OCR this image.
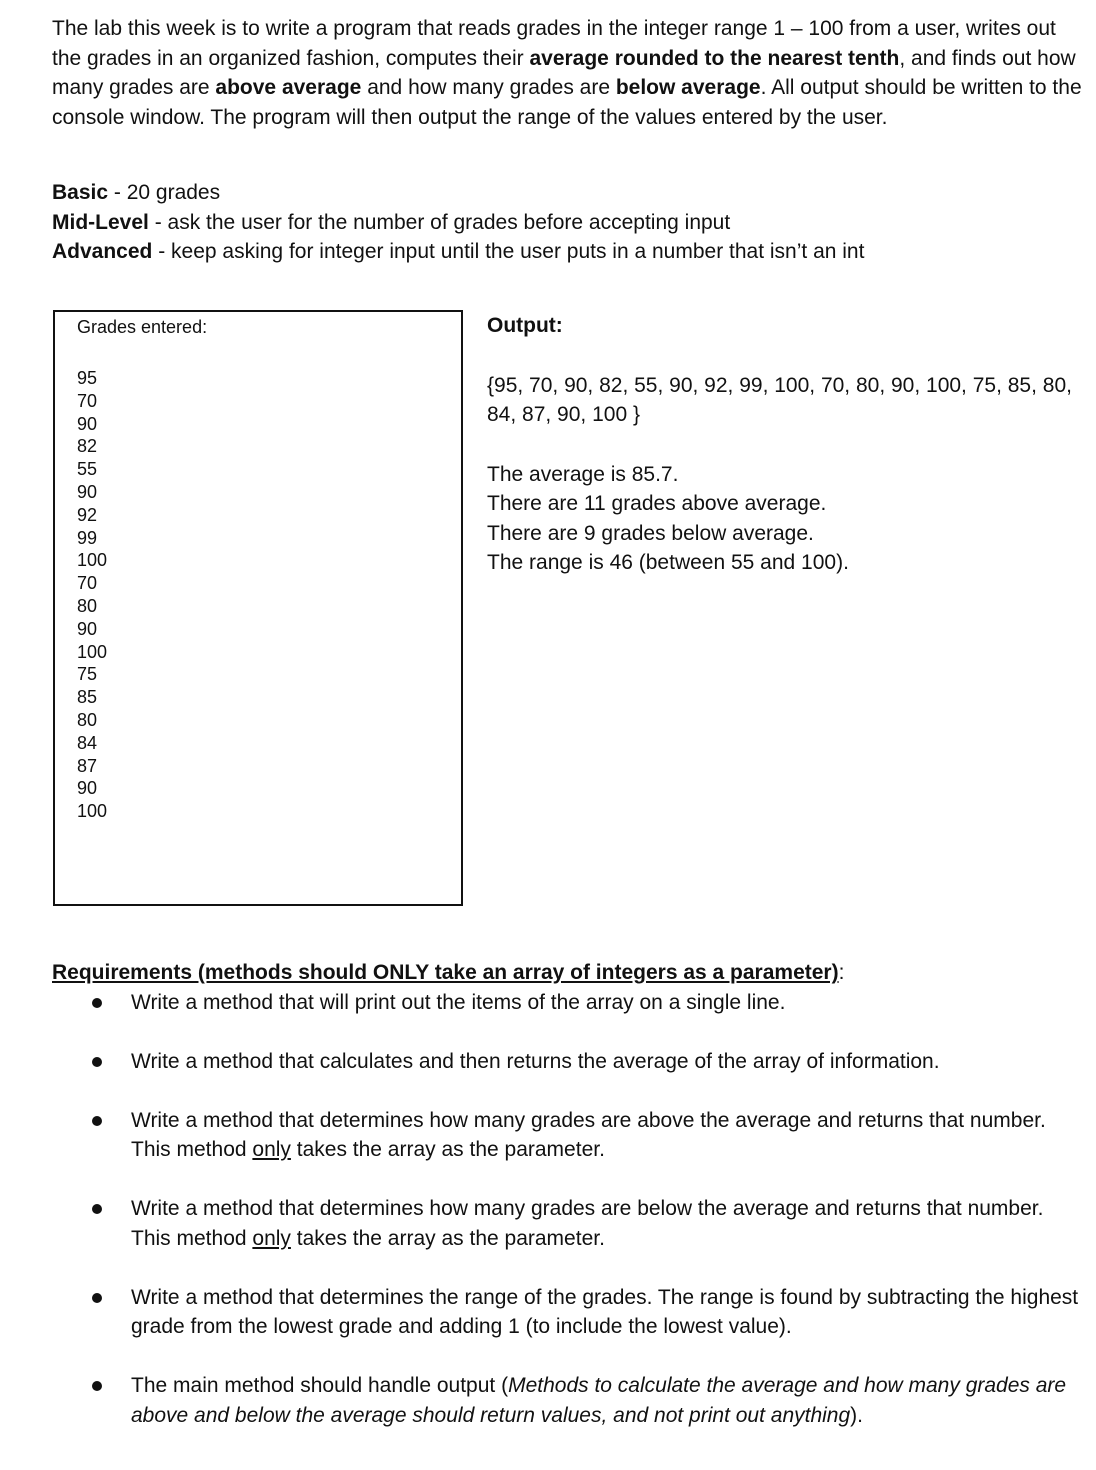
The lab this week is to write a program that reads grades in the integer range 1 – 100 from a user, writes out the grades in an organized fashion, computes their average rounded to the nearest tenth, and finds out how many grades are above average and how many grades are below average. All output should be written to the console window. The program will then output the range of the values entered by the user.

Basic - 20 grades
Mid-Level - ask the user for the number of grades before accepting input
Advanced - keep asking for integer input until the user puts in a number that isn’t an int
Grades entered:
95
70
90
82
55
90
92
99
100
70
80
90
100
75
85
80
84
87
90
100
Output:
{95, 70, 90, 82, 55, 90, 92, 99, 100, 70, 80, 90, 100, 75, 85, 80, 84, 87, 90, 100 }
The average is 85.7.
There are 11 grades above average.
There are 9 grades below average.
The range is 46 (between 55 and 100).
Requirements (methods should ONLY take an array of integers as a parameter):
Write a method that will print out the items of the array on a single line.
Write a method that calculates and then returns the average of the array of information.
Write a method that determines how many grades are above the average and returns that number. This method only takes the array as the parameter.
Write a method that determines how many grades are below the average and returns that number. This method only takes the array as the parameter.
Write a method that determines the range of the grades. The range is found by subtracting the highest grade from the lowest grade and adding 1 (to include the lowest value).
The main method should handle output (Methods to calculate the average and how many grades are above and below the average should return values, and not print out anything).
